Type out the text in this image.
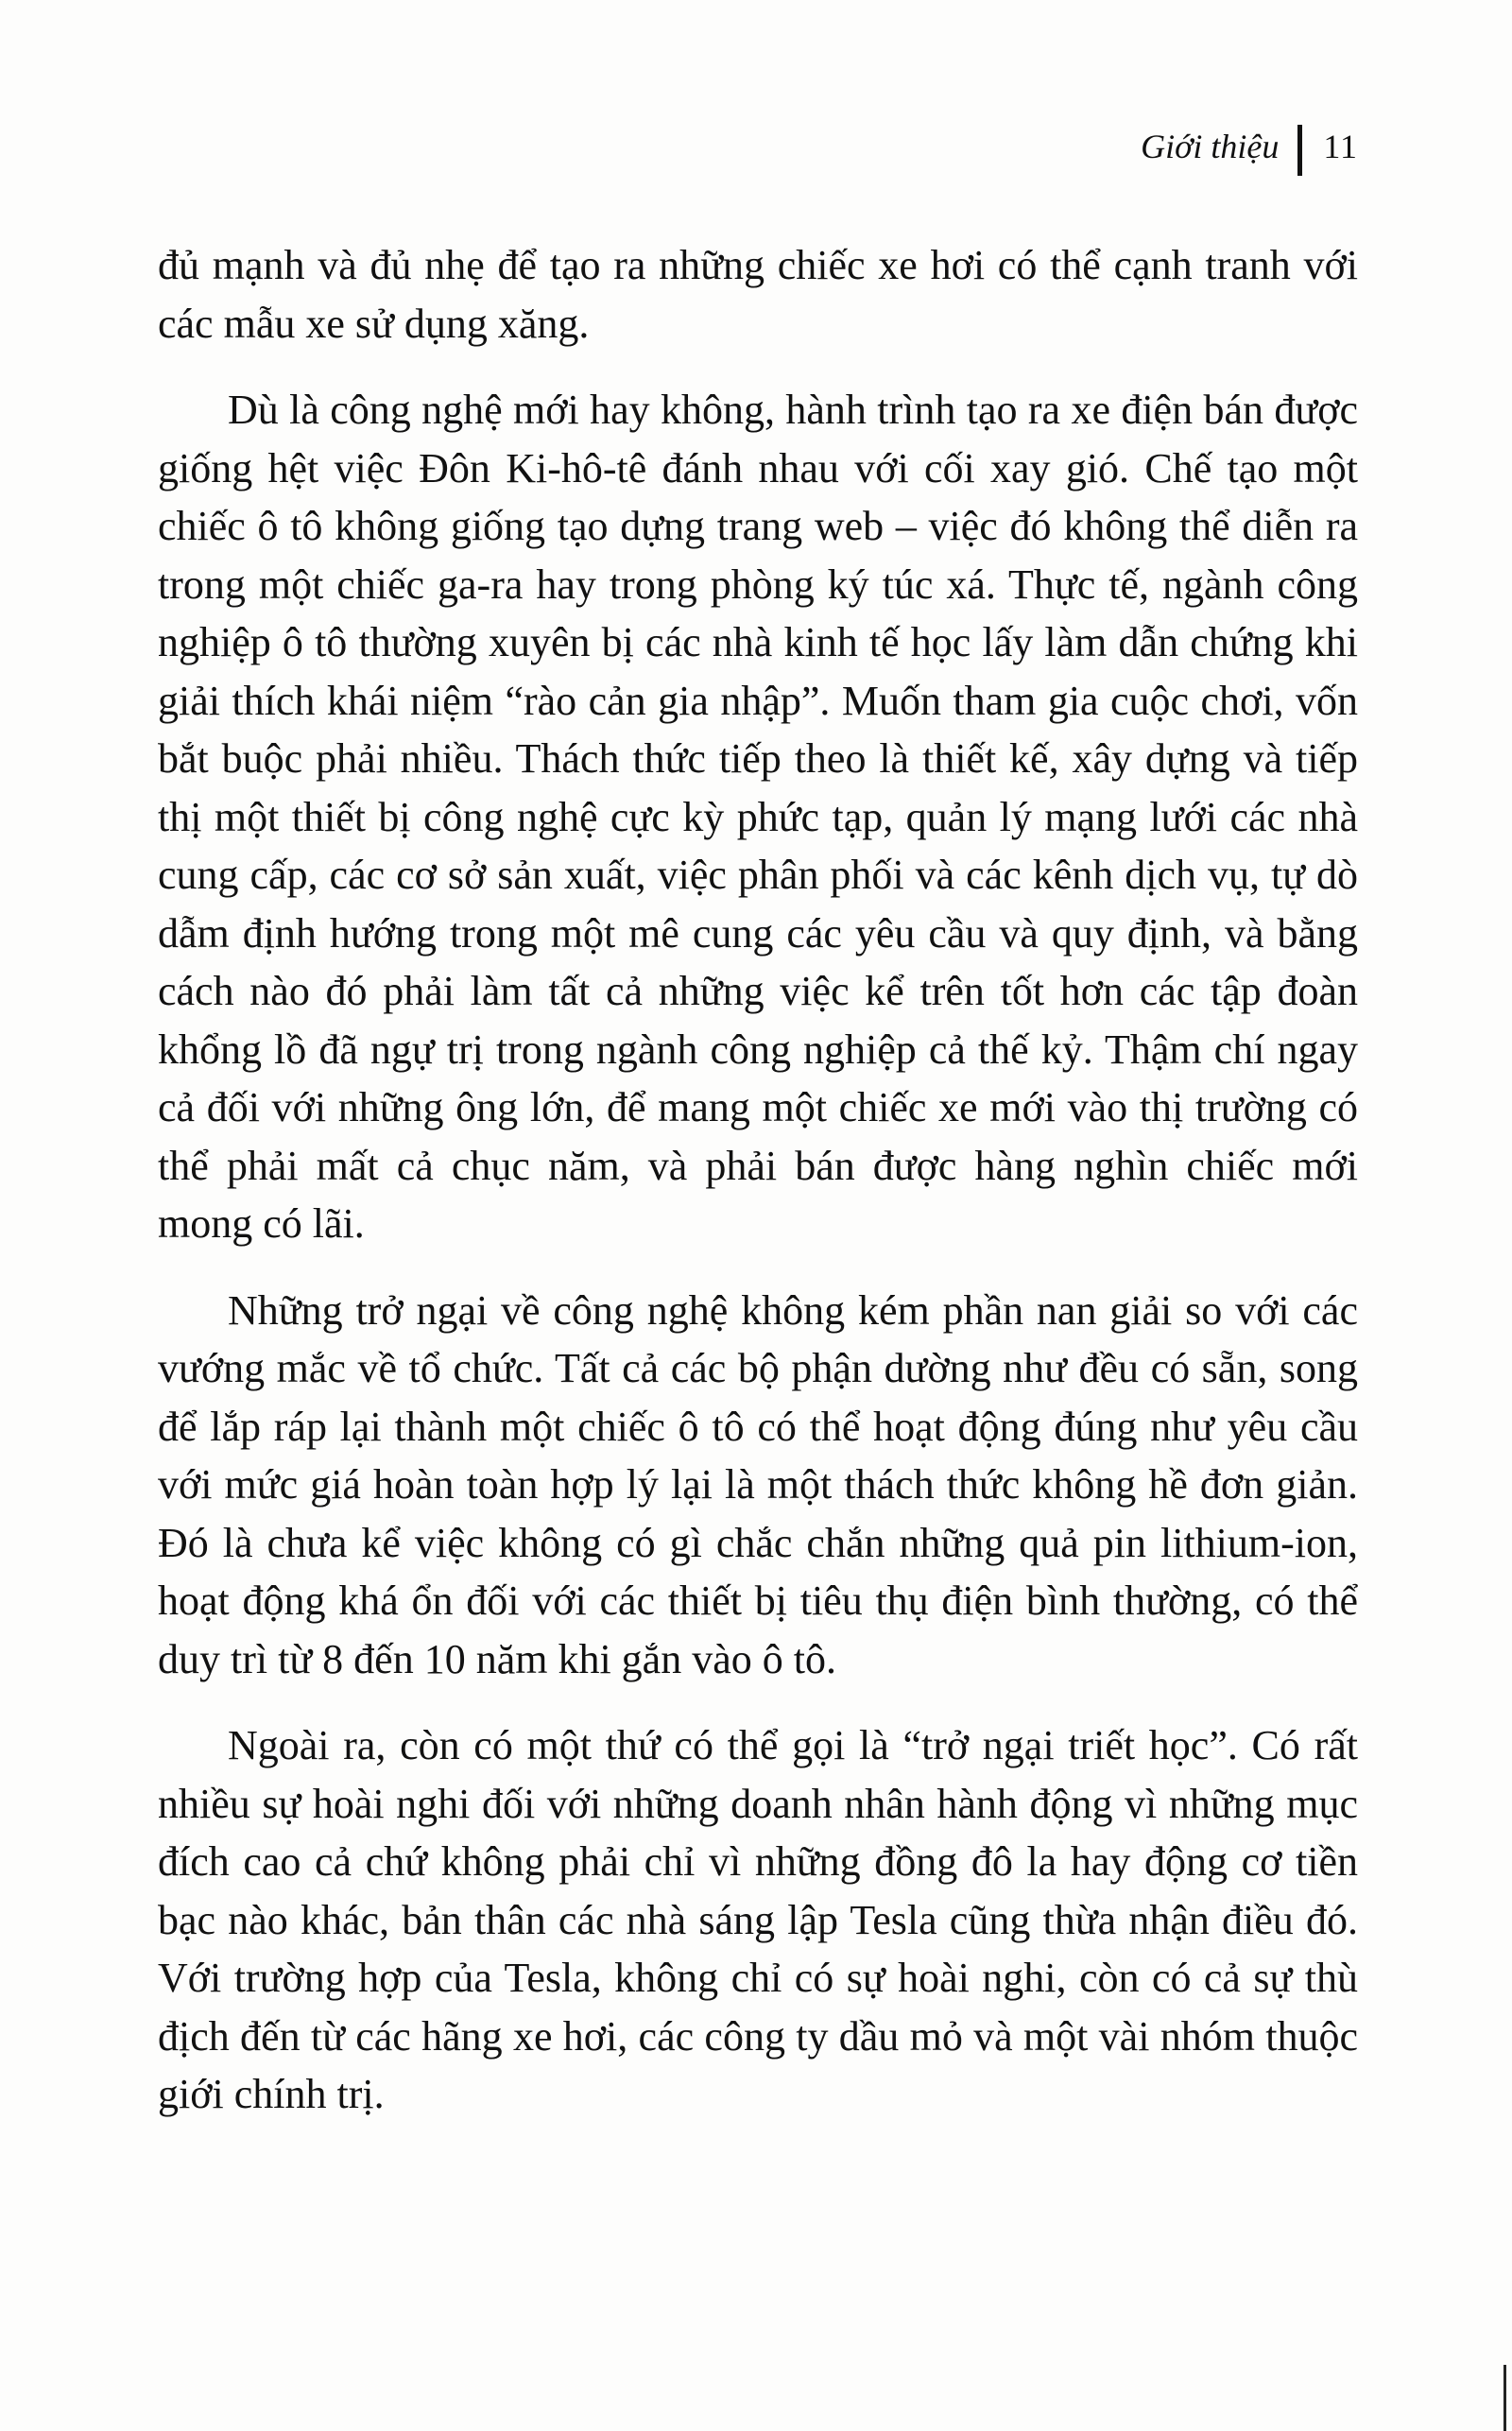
Giới thiệu 11

đủ mạnh và đủ nhẹ để tạo ra những chiếc xe hơi có thể cạnh tranh với các mẫu xe sử dụng xăng.

Dù là công nghệ mới hay không, hành trình tạo ra xe điện bán được giống hệt việc Đôn Ki-hô-tê đánh nhau với cối xay gió. Chế tạo một chiếc ô tô không giống tạo dựng trang web – việc đó không thể diễn ra trong một chiếc ga-ra hay trong phòng ký túc xá. Thực tế, ngành công nghiệp ô tô thường xuyên bị các nhà kinh tế học lấy làm dẫn chứng khi giải thích khái niệm “rào cản gia nhập”. Muốn tham gia cuộc chơi, vốn bắt buộc phải nhiều. Thách thức tiếp theo là thiết kế, xây dựng và tiếp thị một thiết bị công nghệ cực kỳ phức tạp, quản lý mạng lưới các nhà cung cấp, các cơ sở sản xuất, việc phân phối và các kênh dịch vụ, tự dò dẫm định hướng trong một mê cung các yêu cầu và quy định, và bằng cách nào đó phải làm tất cả những việc kể trên tốt hơn các tập đoàn khổng lồ đã ngự trị trong ngành công nghiệp cả thế kỷ. Thậm chí ngay cả đối với những ông lớn, để mang một chiếc xe mới vào thị trường có thể phải mất cả chục năm, và phải bán được hàng nghìn chiếc mới mong có lãi.

Những trở ngại về công nghệ không kém phần nan giải so với các vướng mắc về tổ chức. Tất cả các bộ phận dường như đều có sẵn, song để lắp ráp lại thành một chiếc ô tô có thể hoạt động đúng như yêu cầu với mức giá hoàn toàn hợp lý lại là một thách thức không hề đơn giản. Đó là chưa kể việc không có gì chắc chắn những quả pin lithium-ion, hoạt động khá ổn đối với các thiết bị tiêu thụ điện bình thường, có thể duy trì từ 8 đến 10 năm khi gắn vào ô tô.

Ngoài ra, còn có một thứ có thể gọi là “trở ngại triết học”. Có rất nhiều sự hoài nghi đối với những doanh nhân hành động vì những mục đích cao cả chứ không phải chỉ vì những đồng đô la hay động cơ tiền bạc nào khác, bản thân các nhà sáng lập Tesla cũng thừa nhận điều đó. Với trường hợp của Tesla, không chỉ có sự hoài nghi, còn có cả sự thù địch đến từ các hãng xe hơi, các công ty dầu mỏ và một vài nhóm thuộc giới chính trị.
